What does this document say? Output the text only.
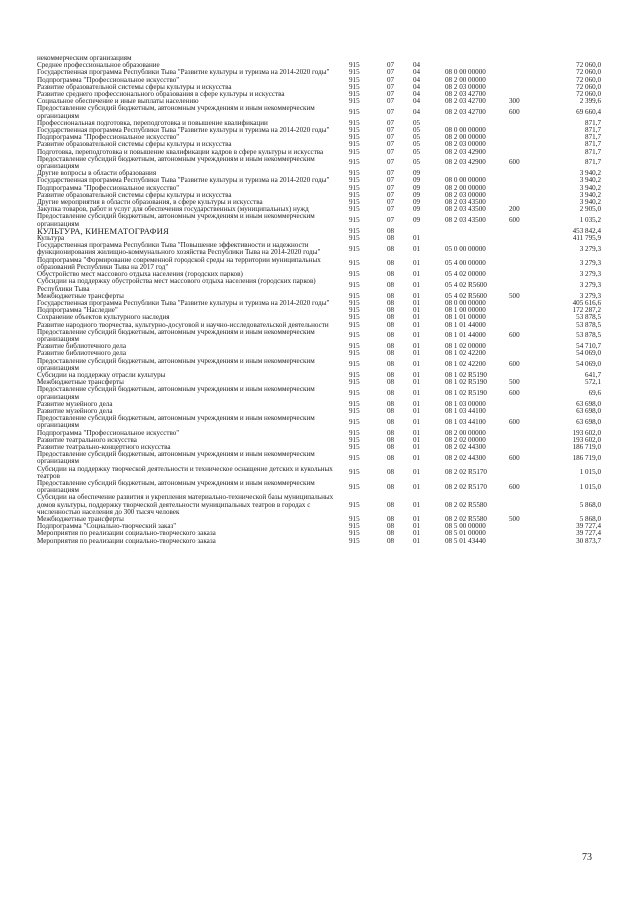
некоммерческим организациям						
Среднее профессиональное образование	915	07	04			72 060,0
Государственная программа Республики Тыва "Развитие культуры и туризма на 2014-2020 годы"	915	07	04	08 0 00 00000		72 060,0
Подпрограмма "Профессиональное искусство"	915	07	04	08 2 00 00000		72 060,0
Развитие образовательной системы сферы культуры и искусства	915	07	04	08 2 03 00000		72 060,0
Развитие среднего профессионального образования в сфере культуры и искусства	915	07	04	08 2 03 42700		72 060,0
Социальное обеспечение и иные выплаты населению	915	07	04	08 2 03 42700	300	2 399,6
Предоставление субсидий бюджетным, автономным учреждениям и иным некоммерческим организациям	915	07	04	08 2 03 42700	600	69 660,4
Профессиональная подготовка, переподготовка и повышение квалификации	915	07	05			871,7
Государственная программа Республики Тыва "Развитие культуры и туризма на 2014-2020 годы"	915	07	05	08 0 00 00000		871,7
Подпрограмма "Профессиональное искусство"	915	07	05	08 2 00 00000		871,7
Развитие образовательной системы сферы культуры и искусства	915	07	05	08 2 03 00000		871,7
Подготовка, переподготовка и повышение квалификации кадров в сфере культуры и искусства	915	07	05	08 2 03 42900		871,7
Предоставление субсидий бюджетным, автономным учреждениям и иным некоммерческим организациям	915	07	05	08 2 03 42900	600	871,7
Другие вопросы в области образования	915	07	09			3 940,2
Государственная программа Республики Тыва "Развитие культуры и туризма на 2014-2020 годы"	915	07	09	08 0 00 00000		3 940,2
Подпрограмма "Профессиональное искусство"	915	07	09	08 2 00 00000		3 940,2
Развитие образовательной системы сферы культуры и искусства	915	07	09	08 2 03 00000		3 940,2
Другие мероприятия в области образования, в сфере культуры и искусства	915	07	09	08 2 03 43500		3 940,2
Закупка товаров, работ и услуг для обеспечения государственных (муниципальных) нужд	915	07	09	08 2 03 43500	200	2 905,0
Предоставление субсидий бюджетным, автономным учреждениям и иным некоммерческим организациям	915	07	09	08 2 03 43500	600	1 035,2
КУЛЬТУРА, КИНЕМАТОГРАФИЯ	915	08				453 842,4
Культура	915	08	01			411 795,9
Государственная программа Республики Тыва "Повышение эффективности и надежности функционирования жилищно-коммунального хозяйства Республики Тыва на 2014-2020 годы"	915	08	01	05 0 00 00000		3 279,3
Подпрограмма "Формирование современной городской среды на территории муниципальных образований Республики Тыва на 2017 год"	915	08	01	05 4 00 00000		3 279,3
Обустройство мест массового отдыха населения (городских парков)	915	08	01	05 4 02 00000		3 279,3
Субсидии на поддержку обустройства мест массового отдыха населения (городских парков) Республики Тыва	915	08	01	05 4 02 R5600		3 279,3
Межбюджетные трансферты	915	08	01	05 4 02 R5600	500	3 279,3
Государственная программа Республики Тыва "Развитие культуры и туризма на 2014-2020 годы"	915	08	01	08 0 00 00000		405 616,6
Подпрограмма "Наследие"	915	08	01	08 1 00 00000		172 287,2
Сохранение объектов культурного наследия	915	08	01	08 1 01 00000		53 878,5
Развитие народного творчества, культурно-досуговой и научно-исследовательской деятельности	915	08	01	08 1 01 44000		53 878,5
Предоставление субсидий бюджетным, автономным учреждениям и иным некоммерческим организациям	915	08	01	08 1 01 44000	600	53 878,5
Развитие библиотечного дела	915	08	01	08 1 02 00000		54 710,7
Развитие библиотечного дела	915	08	01	08 1 02 42200		54 069,0
Предоставление субсидий бюджетным, автономным учреждениям и иным некоммерческим организациям	915	08	01	08 1 02 42200	600	54 069,0
Субсидии на поддержку отрасли культуры	915	08	01	08 1 02 R5190		641,7
Межбюджетные трансферты	915	08	01	08 1 02 R5190	500	572,1
Предоставление субсидий бюджетным, автономным учреждениям и иным некоммерческим организациям	915	08	01	08 1 02 R5190	600	69,6
Развитие музейного дела	915	08	01	08 1 03 00000		63 698,0
Развитие музейного дела	915	08	01	08 1 03 44100		63 698,0
Предоставление субсидий бюджетным, автономным учреждениям и иным некоммерческим организациям	915	08	01	08 1 03 44100	600	63 698,0
Подпрограмма "Профессиональное искусство"	915	08	01	08 2 00 00000		193 602,0
Развитие театрального искусства	915	08	01	08 2 02 00000		193 602,0
Развитие театрально-концертного искусства	915	08	01	08 2 02 44300		186 719,0
Предоставление субсидий бюджетным, автономным учреждениям и иным некоммерческим организациям	915	08	01	08 2 02 44300	600	186 719,0
Субсидии на поддержку творческой деятельности и техническое оснащение детских и кукольных театров	915	08	01	08 2 02 R5170		1 015,0
Предоставление субсидий бюджетным, автономным учреждениям и иным некоммерческим организациям	915	08	01	08 2 02 R5170	600	1 015,0
Субсидии на обеспечение развития и укрепления материально-технической базы муниципальных домов культуры, поддержку творческой деятельности муниципальных театров в городах с численностью населения до 300 тысяч человек	915	08	01	08 2 02 R5580		5 868,0
Межбюджетные трансферты	915	08	01	08 2 02 R5580	500	5 868,0
Подпрограмма "Социально-творческий заказ"	915	08	01	08 5 00 00000		39 727,4
Мероприятия по реализации социально-творческого заказа	915	08	01	08 5 01 00000		39 727,4
Мероприятия по реализации социально-творческого заказа	915	08	01	08 5 01 43440		30 873,7
73
